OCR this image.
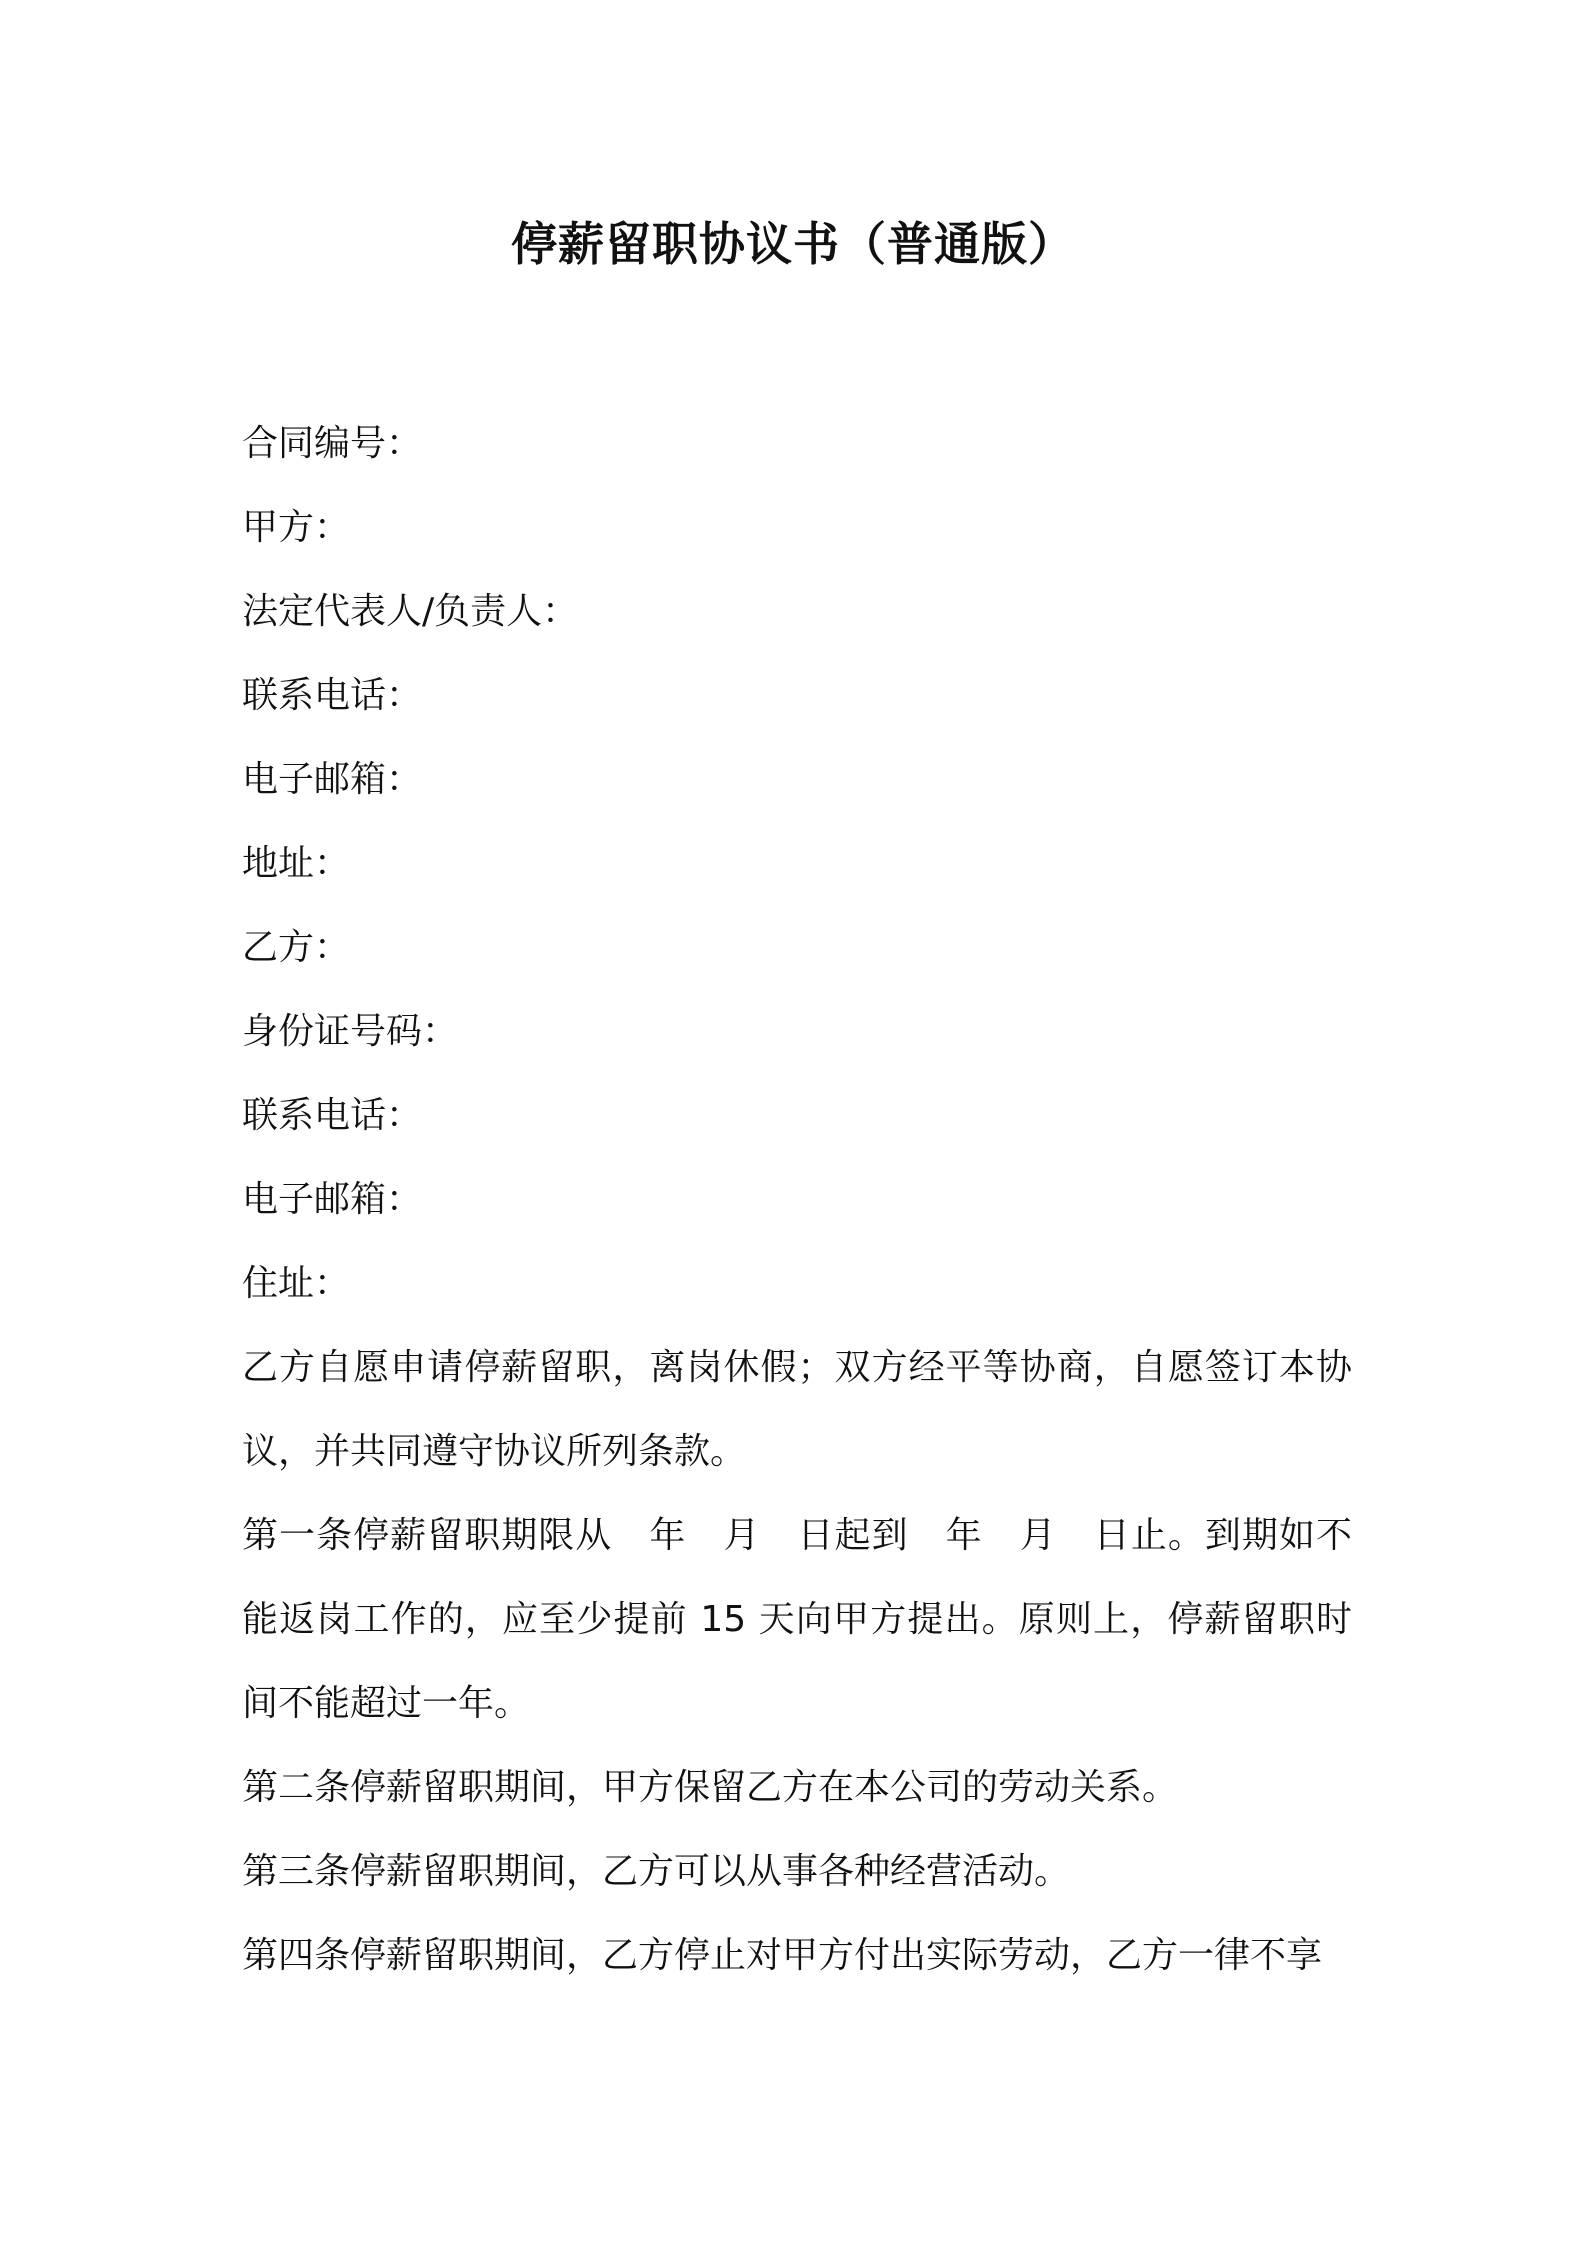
停薪留职协议书（普通版）
合同编号：
甲方：
法定代表人/负责人：
联系电话：
电子邮箱：
地址：
乙方：
身份证号码：
联系电话：
电子邮箱：
住址：

乙方自愿申请停薪留职，离岗休假；双方经平等协商，自愿签订本协议，并共同遵守协议所列条款。

第一条停薪留职期限从　年　月　日起到　年　月　日止。到期如不能返岗工作的，应至少提前 15 天向甲方提出。原则上，停薪留职时间不能超过一年。

第二条停薪留职期间，甲方保留乙方在本公司的劳动关系。

第三条停薪留职期间，乙方可以从事各种经营活动。

第四条停薪留职期间，乙方停止对甲方付出实际劳动，乙方一律不享
